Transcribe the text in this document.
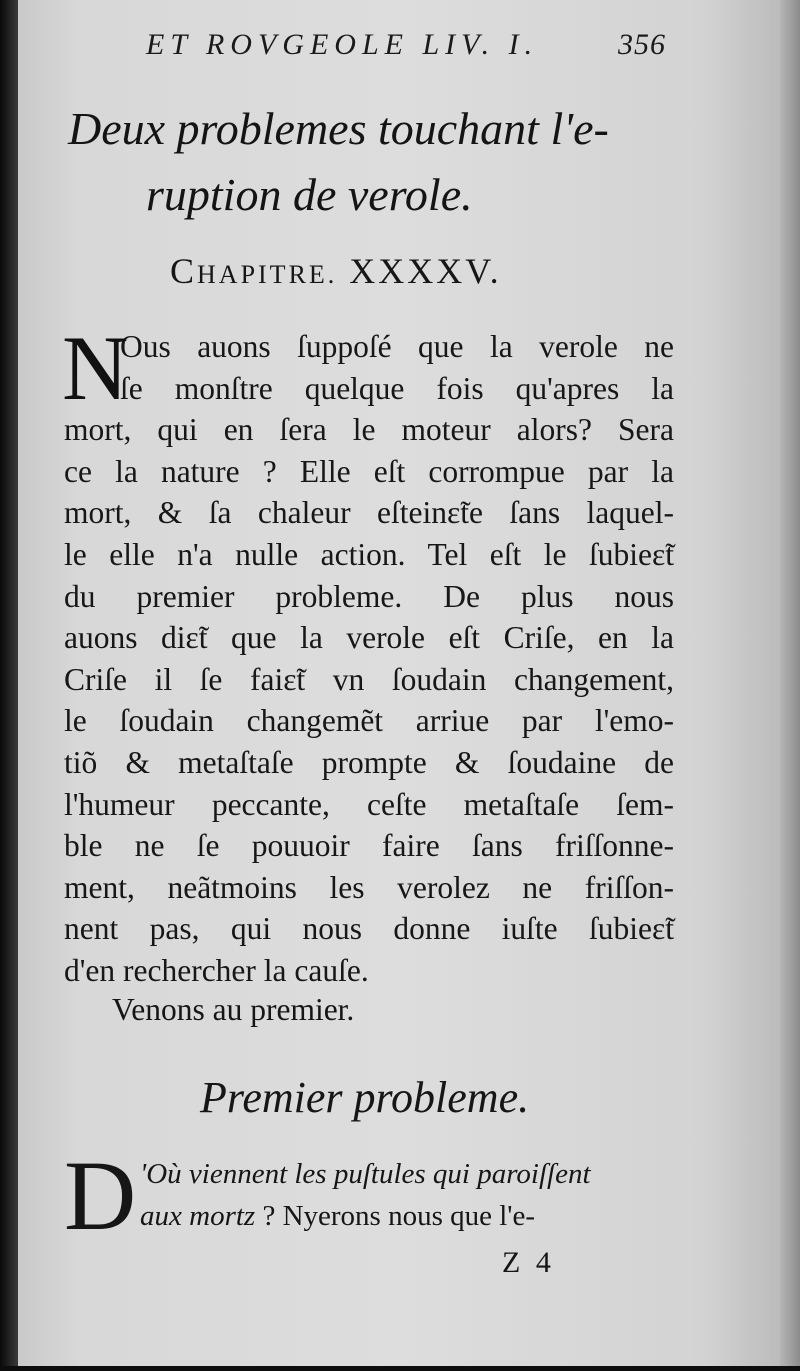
ET ROVGEOLE LIV. I.	356
Deux problemes touchant l'e-
ruption de verole.
CHAPITRE. XXXXV.
N
Ous auons ſuppoſé que la verole ne
ſe monſtre quelque fois qu'apres la
mort, qui en ſera le moteur alors? Sera
ce la nature ? Elle eſt corrompue par la
mort, & ſa chaleur eſteinɛ̃te ſans laquel-
le elle n'a nulle action. Tel eſt le ſubieɛ̃t
du premier probleme. De plus nous
auons diɛ̃t que la verole eſt Criſe, en la
Criſe il ſe faiɛ̃t vn ſoudain changement,
le ſoudain changemẽt arriue par l'emo-
tiõ & metaſtaſe prompte & ſoudaine de
l'humeur peccante, ceſte metaſtaſe ſem-
ble ne ſe pouuoir faire ſans friſſonne-
ment, neãtmoins les verolez ne friſſon-
nent pas, qui nous donne iuſte ſubieɛ̃t
d'en rechercher la cauſe.
Venons au premier.
Premier probleme.
D 'Où viennent les puſtules qui paroiſſent
aux mortz ? Nyerons nous que l'e-
Z 4
